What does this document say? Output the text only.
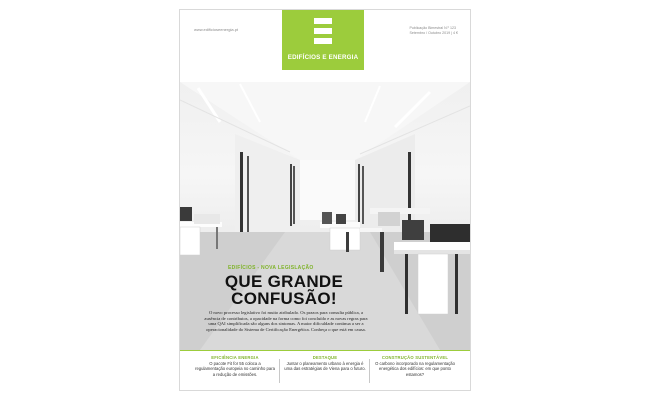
www.edificioseenergia.pt	Publicação Bimestral N.º 123
Setembro / Outubro 2019 | 4 €
EDIFÍCIOS E ENERGIA
EDIFÍCIOS - NOVA LEGISLAÇÃO
QUE GRANDE
CONFUSÃO!
O novo processo legislativo foi muito atribulado. Os prazos para consulta pública, a ausência de contributos, a opacidade na forma como foi concluído e as novas regras para uma QAI simplificada são alguns dos sintomas. A maior dificuldade continua a ser a operacionalidade do Sistema de Certificação Energética. Conheça o que está em causa.
EFICIÊNCIA ENERGIA
O pacote Fit for 55 coloca a regulamentação europeia no caminho para a redução de emissões.
DESTAQUE
Juntar o planeamento urbano à energia é uma das estratégias de Viena para o futuro.
CONSTRUÇÃO SUSTENTÁVEL
O carbono incorporado na regulamentação energética dos edifícios: em que ponto estamos?
